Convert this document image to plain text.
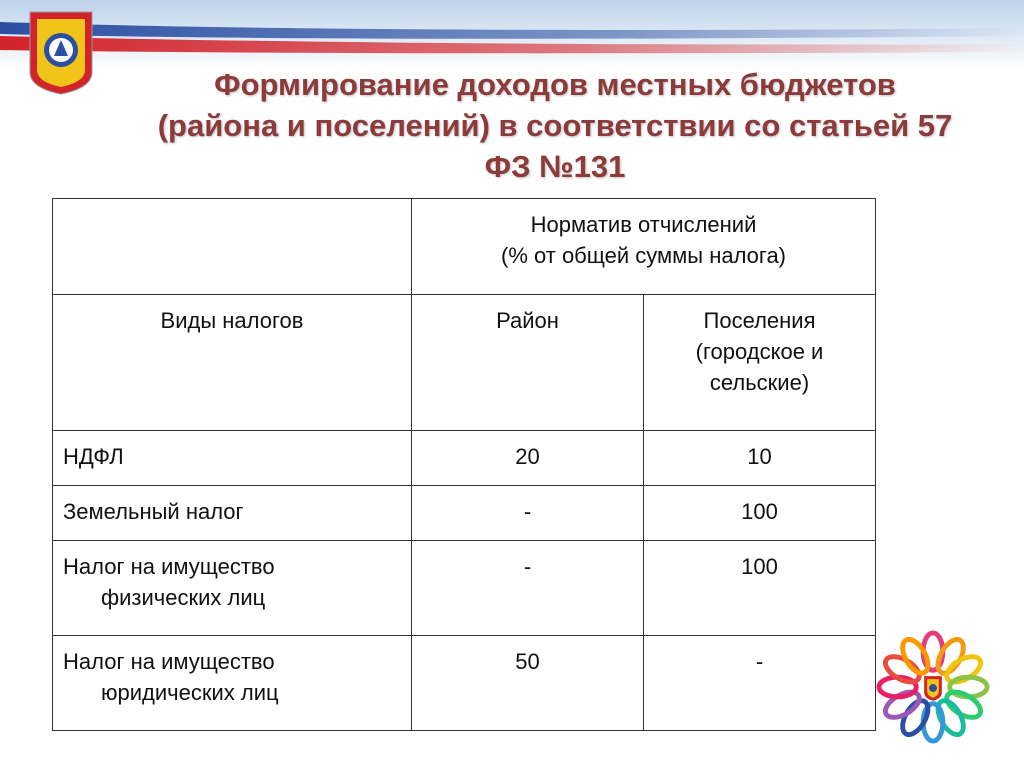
Формирование доходов местных бюджетов (района и поселений) в соответствии со статьей 57 ФЗ №131

	Норматив отчислений
(% от общей суммы налога)	

Виды налогов	Район	Поселения
(городское и
сельские)

НДФЛ	20	10
Земельный налог	-	100

Налог на имущество
физических лиц	-	100

Налог на имущество
юридических лиц	50	-
